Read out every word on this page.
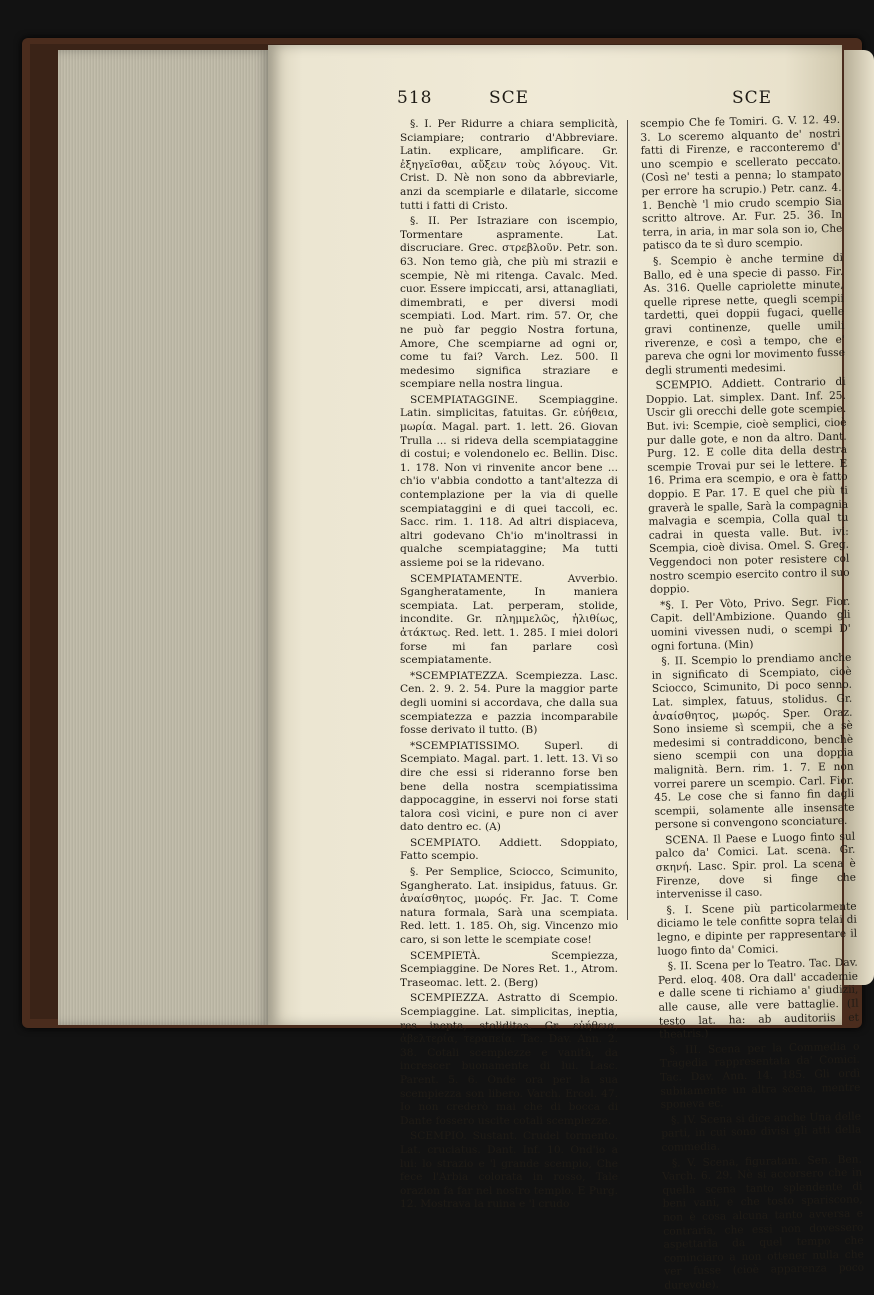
518	SCE	SCE

§. I. Per Ridurre a chiara semplicità, Sciampiare; contrario d'Abbreviare. Latin. explicare, amplificare. Gr. ἐξηγεῖσθαι, αὔξειν τοὺς λόγους. Vit. Crist. D. Nè non sono da abbreviarle, anzi da scempiarle e dilatarle, siccome tutti i fatti di Cristo.

§. II. Per Istraziare con iscempio, Tormentare aspramente. Lat. discruciare. Grec. στρεβλοῦν. Petr. son. 63. Non temo già, che più mi strazii e scempie, Nè mi ritenga. Cavalc. Med. cuor. Essere impiccati, arsi, attanagliati, dimembrati, e per diversi modi scempiati. Lod. Mart. rim. 57. Or, che ne può far peggio Nostra fortuna, Amore, Che scempiarne ad ogni or, come tu fai? Varch. Lez. 500. Il medesimo significa straziare e scempiare nella nostra lingua.

SCEMPIATAGGINE. Scempiaggine. Latin. simplicitas, fatuitas. Gr. εὐήθεια, μωρία. Magal. part. 1. lett. 26. Giovan Trulla ... si rideva della scempiataggine di costui; e volendonelo ec. Bellin. Disc. 1. 178. Non vi rinvenite ancor bene ... ch'io v'abbia condotto a tant'altezza di contemplazione per la via di quelle scempiataggini e di quei taccoli, ec. Sacc. rim. 1. 118. Ad altri dispiaceva, altri godevano Ch'io m'inoltrassi in qualche scempiataggine; Ma tutti assieme poi se la ridevano.

SCEMPIATAMENTE. Avverbio. Sgangheratamente, In maniera scempiata. Lat. perperam, stolide, incondite. Gr. πλημμελῶς, ἠλιθίως, ἀτάκτως. Red. lett. 1. 285. I miei dolori forse mi fan parlare così scempiatamente.

*SCEMPIATEZZA. Scempiezza. Lasc. Cen. 2. 9. 2. 54. Pure la maggior parte degli uomini si accordava, che dalla sua scempiatezza e pazzia incomparabile fosse derivato il tutto. (B)

*SCEMPIATISSIMO. Superl. di Scempiato. Magal. part. 1. lett. 13. Vi so dire che essi si rideranno forse ben bene della nostra scempiatissima dappocaggine, in esservi noi forse stati talora così vicini, e pure non ci aver dato dentro ec. (A)

SCEMPIATO. Addiett. Sdoppiato, Fatto scempio.

§. Per Semplice, Sciocco, Scimunito, Sgangherato. Lat. insipidus, fatuus. Gr. ἀναίσθητος, μωρός. Fr. Jac. T. Come natura formala, Sarà una scempiata. Red. lett. 1. 185. Oh, sig. Vincenzo mio caro, si son lette le scempiate cose!

SCEMPIETÀ. Scempiezza, Scempiaggine. De Nores Ret. 1., Atrom. Traseomac. lett. 2. (Berg)

SCEMPIEZZA. Astratto di Scempio. Scempiaggine. Lat. simplicitas, ineptia, res inepta, stoliditas. Gr. εὐήθεια, ἀβελτερία, τεραπεία. Tac. Dav. Ann. 2. 38. Cotali scempiezze e vanità, da increscer buonamente di lui. Lasc. Parent. 5. 6. Onde ora per la sua scempiezza son libero. Varch. Ercol. 47. Io non crederò mai che di bocca di Dante fossero uscite cotali scempiezze.

SCEMPIO. Sustant. Crudel tormento. Lat. cruciatus. Dant. Inf. 10. Ond'io a lui: lo strazio e 'l grande scempio, Che fece l'Arbia colorata in rosso, Tale orazion fa far nel nostro tempio. E Purg. 12. Mostrava la ruina e 'l crudo

scempio Che fe Tomiri. G. V. 12. 49. 3. Lo sceremo alquanto de' nostri fatti di Firenze, e racconteremo d' uno scempio e scellerato peccato. (Così ne' testi a penna; lo stampato per errore ha scrupio.) Petr. canz. 4. 1. Benchè 'l mio crudo scempio Sia scritto altrove. Ar. Fur. 25. 36. In terra, in aria, in mar sola son io, Che patisco da te sì duro scempio.

§. Scempio è anche termine di Ballo, ed è una specie di passo. Fir. As. 316. Quelle capriolette minute, quelle riprese nette, quegli scempii tardetti, quei doppii fugaci, quelle gravi continenze, quelle umili riverenze, e così a tempo, che e' pareva che ogni lor movimento fusse degli strumenti medesimi.

SCEMPIO. Addiett. Contrario di Doppio. Lat. simplex. Dant. Inf. 25. Uscir gli orecchi delle gote scempie. But. ivi: Scempie, cioè semplici, cioè pur dalle gote, e non da altro. Dant. Purg. 12. E colle dita della destra scempie Trovai pur sei le lettere. E 16. Prima era scempio, e ora è fatto doppio. E Par. 17. E quel che più ti graverà le spalle, Sarà la compagnia malvagia e scempia, Colla qual tu cadrai in questa valle. But. ivi: Scempia, cioè divisa. Omel. S. Greg. Veggendoci non poter resistere col nostro scempio esercito contro il suo doppio.

*§. I. Per Vòto, Privo. Segr. Fior. Capit. dell'Ambizione. Quando gli uomini vivessen nudi, o scempi D' ogni fortuna. (Min)

§. II. Scempio lo prendiamo anche in significato di Scempiato, cioè Sciocco, Scimunito, Di poco senno. Lat. simplex, fatuus, stolidus. Gr. ἀναίσθητος, μωρός. Sper. Oraz. Sono insieme sì scempii, che a sè medesimi si contraddicono, benchè sieno scempii con una doppia malignità. Bern. rim. 1. 7. E non vorrei parere un scempio. Carl. Fior. 45. Le cose che si fanno fin dagli scempii, solamente alle insensate persone si convengono sconciature.

SCENA. Il Paese e Luogo finto sul palco da' Comici. Lat. scena. Gr. σκηνή. Lasc. Spir. prol. La scena è Firenze, dove si finge che intervenisse il caso.

§. I. Scene più particolarmente diciamo le tele confitte sopra telai di legno, e dipinte per rappresentare il luogo finto da' Comici.

§. II. Scena per lo Teatro. Tac. Dav. Perd. eloq. 408. Ora dall' accademie e dalle scene ti richiamo a' giudizii, alle cause, alle vere battaglie. (Il testo lat. ha: ab auditoriis et theatris.)

§. III. Scena per la Commedia o Tragedia rappresentata da' Comici. Tac. Dav. Ann. 14. 185. Gli ordì subitamente un altra scena, mentre sponeva ec.

§. IV. Scena si dice anche Una delle parti, in cui sono divisi gli atti della commedia.

§. V. Scena, figuratam. Sen. Ben. Varch. 6. 29. Nè si accorsero che in quella scena tanto splendente di beni vani, e che tosto spariscono, non è cosa alcuna tanto avversa e contraria, che essi non dovessero aspettarla da quel tempo che cominciaro a non ottener nulla che ver fusse (cioè apparenza poco durevole).
